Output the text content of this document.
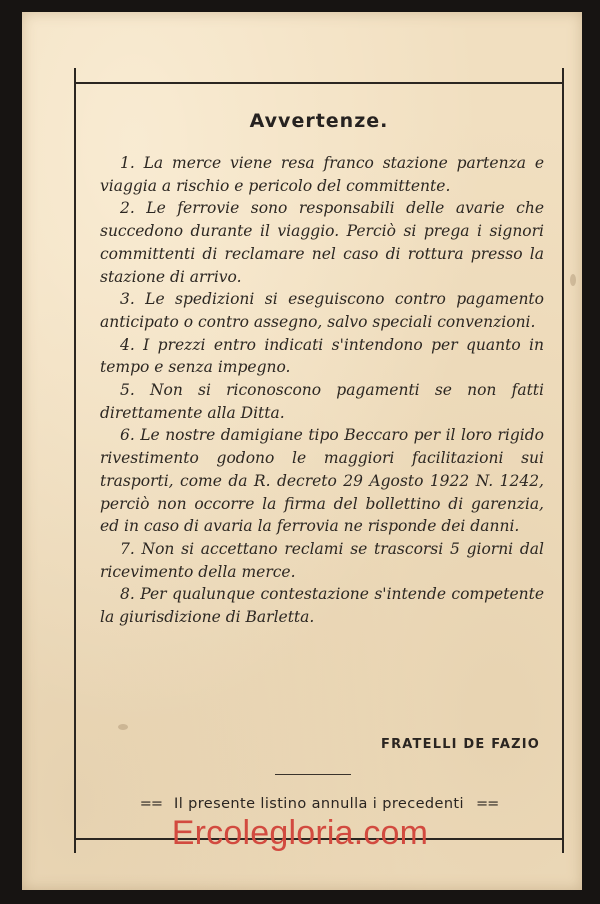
Avvertenze.

1. La merce viene resa franco stazione partenza e viaggia a rischio e pericolo del committente.

2. Le ferrovie sono responsabili delle avarie che succedono durante il viaggio. Perciò si prega i signori committenti di reclamare nel caso di rottura presso la stazione di arrivo.

3. Le spedizioni si eseguiscono contro pagamento anticipato o contro assegno, salvo speciali convenzioni.

4. I prezzi entro indicati s'intendono per quanto in tempo e senza impegno.

5. Non si riconoscono pagamenti se non fatti direttamente alla Ditta.

6. Le nostre damigiane tipo Beccaro per il loro rigido rivestimento godono le maggiori facilitazioni sui trasporti, come da R. decreto 29 Agosto 1922 N. 1242, perciò non occorre la firma del bollettino di garenzia, ed in caso di avaria la ferrovia ne risponde dei danni.

7. Non si accettano reclami se trascorsi 5 giorni dal ricevimento della merce.

8. Per qualunque contestazione s'intende competente la giurisdizione di Barletta.

FRATELLI DE FAZIO

== Il presente listino annulla i precedenti ==

Ercolegloria.com
